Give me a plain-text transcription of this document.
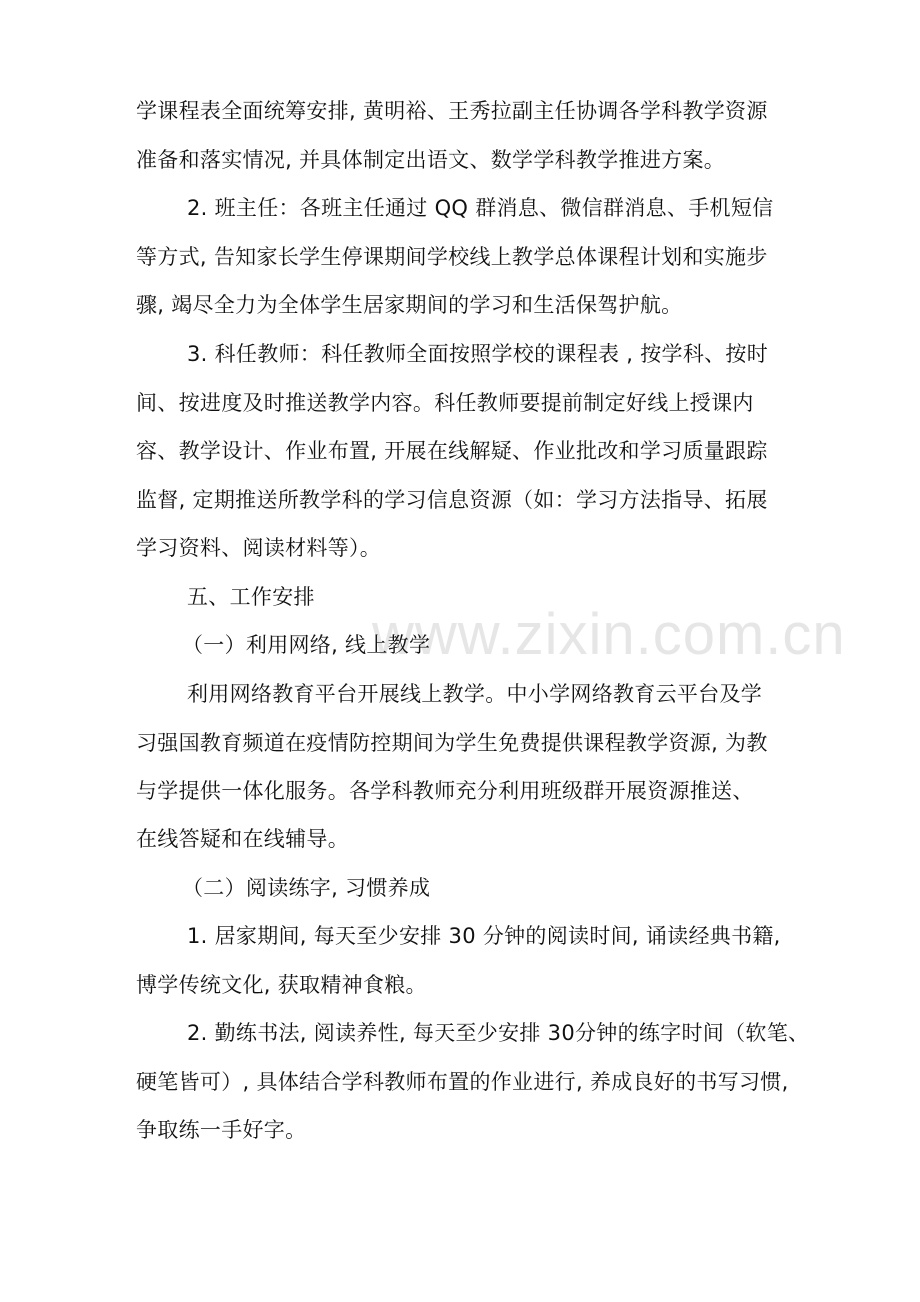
www.zixin.com.cn

学课程表全面统筹安排, 黄明裕、王秀拉副主任协调各学科教学资源

准备和落实情况, 并具体制定出语文、数学学科教学推进方案。

2. 班主任：各班主任通过 QQ 群消息、微信群消息、手机短信

等方式, 告知家长学生停课期间学校线上教学总体课程计划和实施步

骤, 竭尽全力为全体学生居家期间的学习和生活保驾护航。

3. 科任教师：科任教师全面按照学校的课程表 , 按学科、按时

间、按进度及时推送教学内容。科任教师要提前制定好线上授课内

容、教学设计、作业布置, 开展在线解疑、作业批改和学习质量跟踪

监督, 定期推送所教学科的学习信息资源（如：学习方法指导、拓展

学习资料、阅读材料等）。

五、工作安排

（一）利用网络, 线上教学

利用网络教育平台开展线上教学。中小学网络教育云平台及学

习强国教育频道在疫情防控期间为学生免费提供课程教学资源, 为教

与学提供一体化服务。各学科教师充分利用班级群开展资源推送、

在线答疑和在线辅导。

（二）阅读练字, 习惯养成

1. 居家期间, 每天至少安排 30 分钟的阅读时间, 诵读经典书籍,

博学传统文化, 获取精神食粮。

2. 勤练书法, 阅读养性, 每天至少安排 30分钟的练字时间（软笔、

硬笔皆可）, 具体结合学科教师布置的作业进行, 养成良好的书写习惯,

争取练一手好字。
